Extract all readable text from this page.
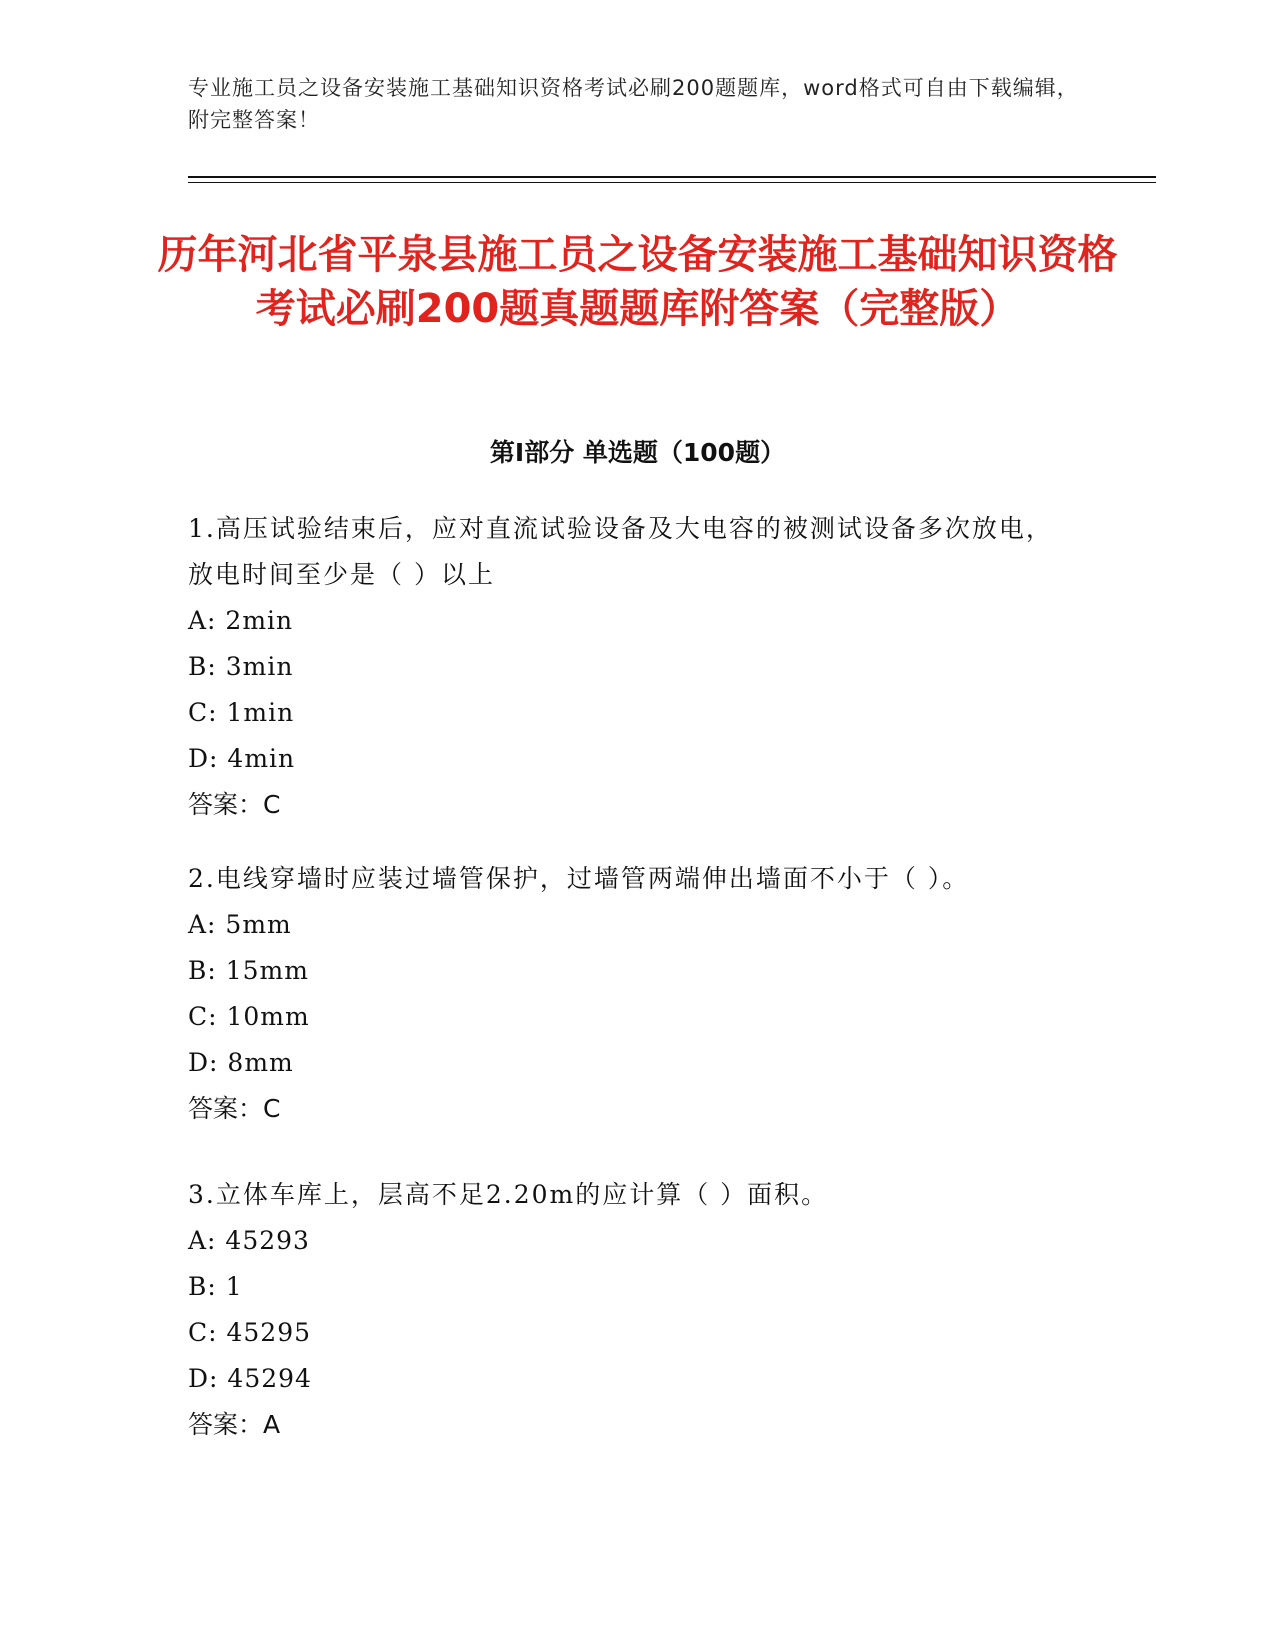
专业施工员之设备安装施工基础知识资格考试必刷200题题库，word格式可自由下载编辑，附完整答案！

历年河北省平泉县施工员之设备安装施工基础知识资格考试必刷200题真题题库附答案（完整版）
第Ⅰ部分 单选题（100题）

1.高压试验结束后，应对直流试验设备及大电容的被测试设备多次放电，放电时间至少是（ ）以上

A: 2min

B: 3min

C: 1min

D: 4min

答案：C

2.电线穿墙时应装过墙管保护，过墙管两端伸出墙面不小于（ ）。

A: 5mm

B: 15mm

C: 10mm

D: 8mm

答案：C

3.立体车库上，层高不足2.20m的应计算（ ）面积。

A: 45293

B: 1

C: 45295

D: 45294

答案：A
